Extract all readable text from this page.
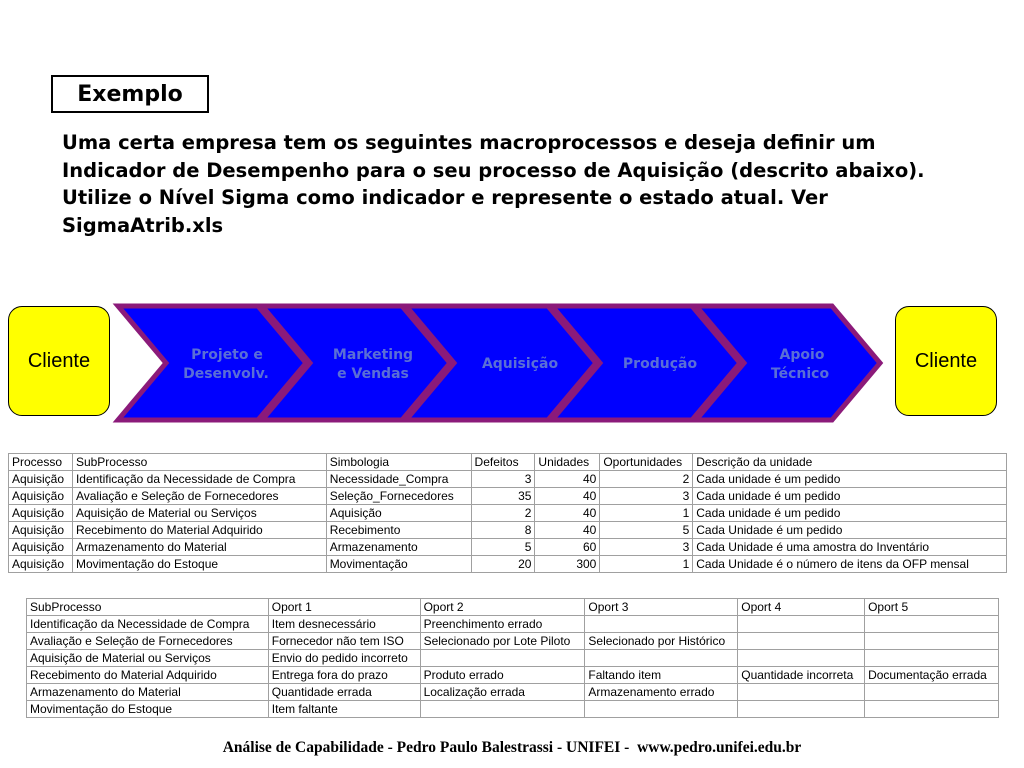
Exemplo

Uma certa empresa tem os seguintes macroprocessos e deseja definir um Indicador de Desempenho para o seu processo de Aquisição (descrito abaixo). Utilize o Nível Sigma como indicador e represente o estado atual. Ver SigmaAtrib.xls

Cliente	Projeto e
Desenvolv.
Marketing
e Vendas
Aquisição	Produção
Apoio
Técnico
Cliente
Processo	SubProcesso	Simbologia	Defeitos	Unidades	Oportunidades	Descrição da unidade
Aquisição	Identificação da Necessidade de Compra	Necessidade_Compra	3	40	2	Cada unidade é um pedido
Aquisição	Avaliação e Seleção de Fornecedores	Seleção_Fornecedores	35	40	3	Cada unidade é um pedido
Aquisição	Aquisição de Material ou Serviços	Aquisição	2	40	1	Cada unidade é um pedido
Aquisição	Recebimento do Material Adquirido	Recebimento	8	40	5	Cada Unidade é um pedido
Aquisição	Armazenamento do Material	Armazenamento	5	60	3	Cada Unidade é uma amostra do Inventário
Aquisição	Movimentação do Estoque	Movimentação	20	300	1	Cada Unidade é o número de itens da OFP mensal
SubProcesso	Oport 1	Oport 2	Oport 3	Oport 4	Oport 5
Identificação da Necessidade de Compra	Item desnecessário	Preenchimento errado			
Avaliação e Seleção de Fornecedores	Fornecedor não tem ISO	Selecionado por Lote Piloto	Selecionado por Histórico		
Aquisição de Material ou Serviços	Envio do pedido incorreto				
Recebimento do Material Adquirido	Entrega fora do prazo	Produto errado	Faltando item	Quantidade incorreta	Documentação errada
Armazenamento do Material	Quantidade errada	Localização errada	Armazenamento errado		
Movimentação do Estoque	Item faltante				
Análise de Capabilidade - Pedro Paulo Balestrassi - UNIFEI -  www.pedro.unifei.edu.br
